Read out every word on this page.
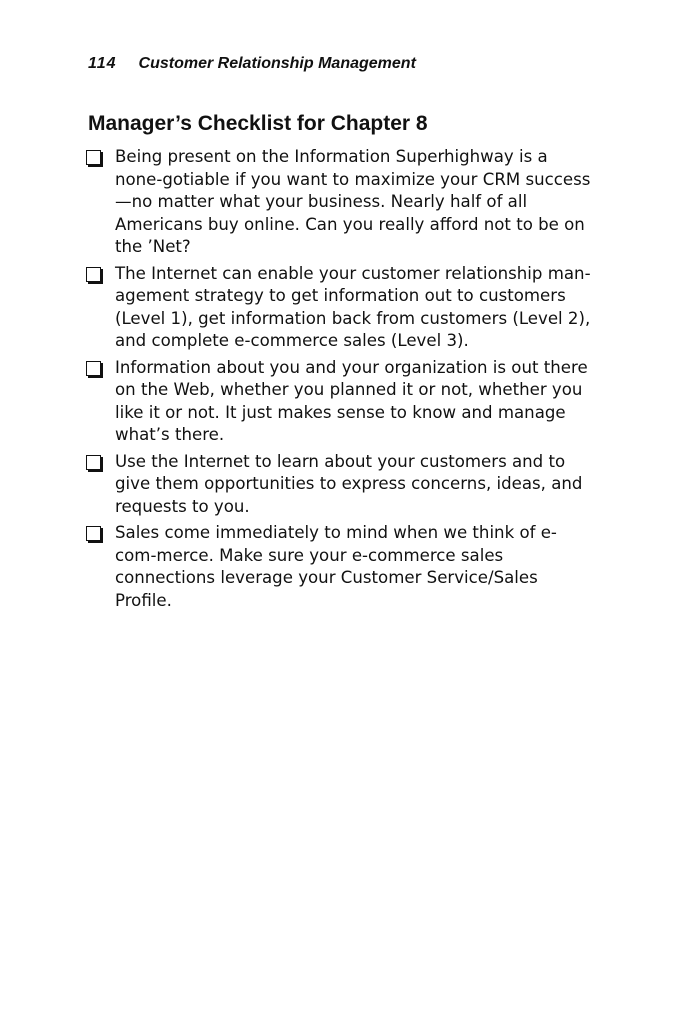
114 Customer Relationship Management
Manager’s Checklist for Chapter 8
Being present on the Information Superhighway is a none-gotiable if you want to maximize your CRM success—no matter what your business. Nearly half of all Americans buy online. Can you really afford not to be on the ’Net?
The Internet can enable your customer relationship man-agement strategy to get information out to customers (Level 1), get information back from customers (Level 2), and complete e-commerce sales (Level 3).
Information about you and your organization is out there on the Web, whether you planned it or not, whether you like it or not. It just makes sense to know and manage what’s there.
Use the Internet to learn about your customers and to give them opportunities to express concerns, ideas, and requests to you.
Sales come immediately to mind when we think of e-com-merce. Make sure your e-commerce sales connections leverage your Customer Service/Sales Profile.
